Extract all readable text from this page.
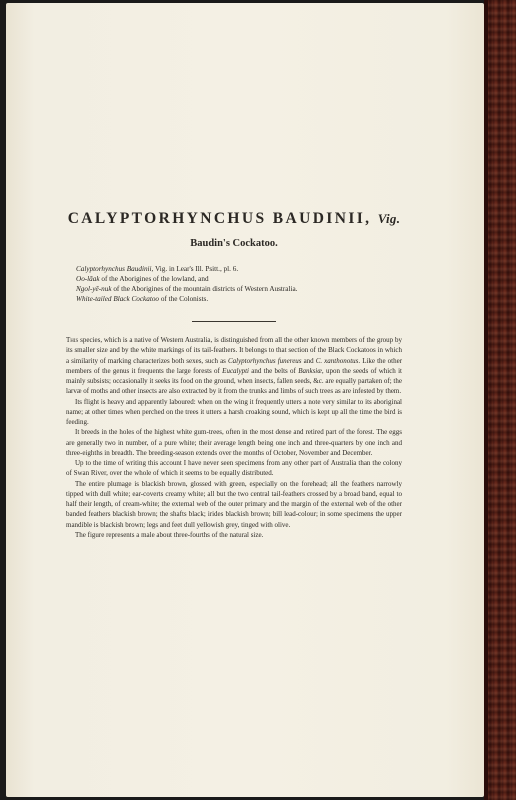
CALYPTORHYNCHUS BAUDINII, Vig.
Baudin's Cockatoo.
Calyptorhynchus Baudinii, Vig. in Lear's Ill. Psitt., pl. 6.
Oo-lāak of the Aborigines of the lowland, and
Ngol-yē-nuk of the Aborigines of the mountain districts of Western Australia.
White-tailed Black Cockatoo of the Colonists.

This species, which is a native of Western Australia, is distinguished from all the other known members of the group by its smaller size and by the white markings of its tail-feathers. It belongs to that section of the Black Cockatoos in which a similarity of marking characterizes both sexes, such as Calyptorhynchus funereus and C. xanthonotus. Like the other members of the genus it frequents the large forests of Eucalypti and the belts of Banksiæ, upon the seeds of which it mainly subsists; occasionally it seeks its food on the ground, when insects, fallen seeds, &c. are equally partaken of; the larvæ of moths and other insects are also extracted by it from the trunks and limbs of such trees as are infested by them.

Its flight is heavy and apparently laboured: when on the wing it frequently utters a note very similar to its aboriginal name; at other times when perched on the trees it utters a harsh croaking sound, which is kept up all the time the bird is feeding.

It breeds in the holes of the highest white gum-trees, often in the most dense and retired part of the forest. The eggs are generally two in number, of a pure white; their average length being one inch and three-quarters by one inch and three-eighths in breadth. The breeding-season extends over the months of October, November and December.

Up to the time of writing this account I have never seen specimens from any other part of Australia than the colony of Swan River, over the whole of which it seems to be equally distributed.

The entire plumage is blackish brown, glossed with green, especially on the forehead; all the feathers narrowly tipped with dull white; ear-coverts creamy white; all but the two central tail-feathers crossed by a broad band, equal to half their length, of cream-white; the external web of the outer primary and the margin of the external web of the other banded feathers blackish brown; the shafts black; irides blackish brown; bill lead-colour; in some specimens the upper mandible is blackish brown; legs and feet dull yellowish grey, tinged with olive.

The figure represents a male about three-fourths of the natural size.
